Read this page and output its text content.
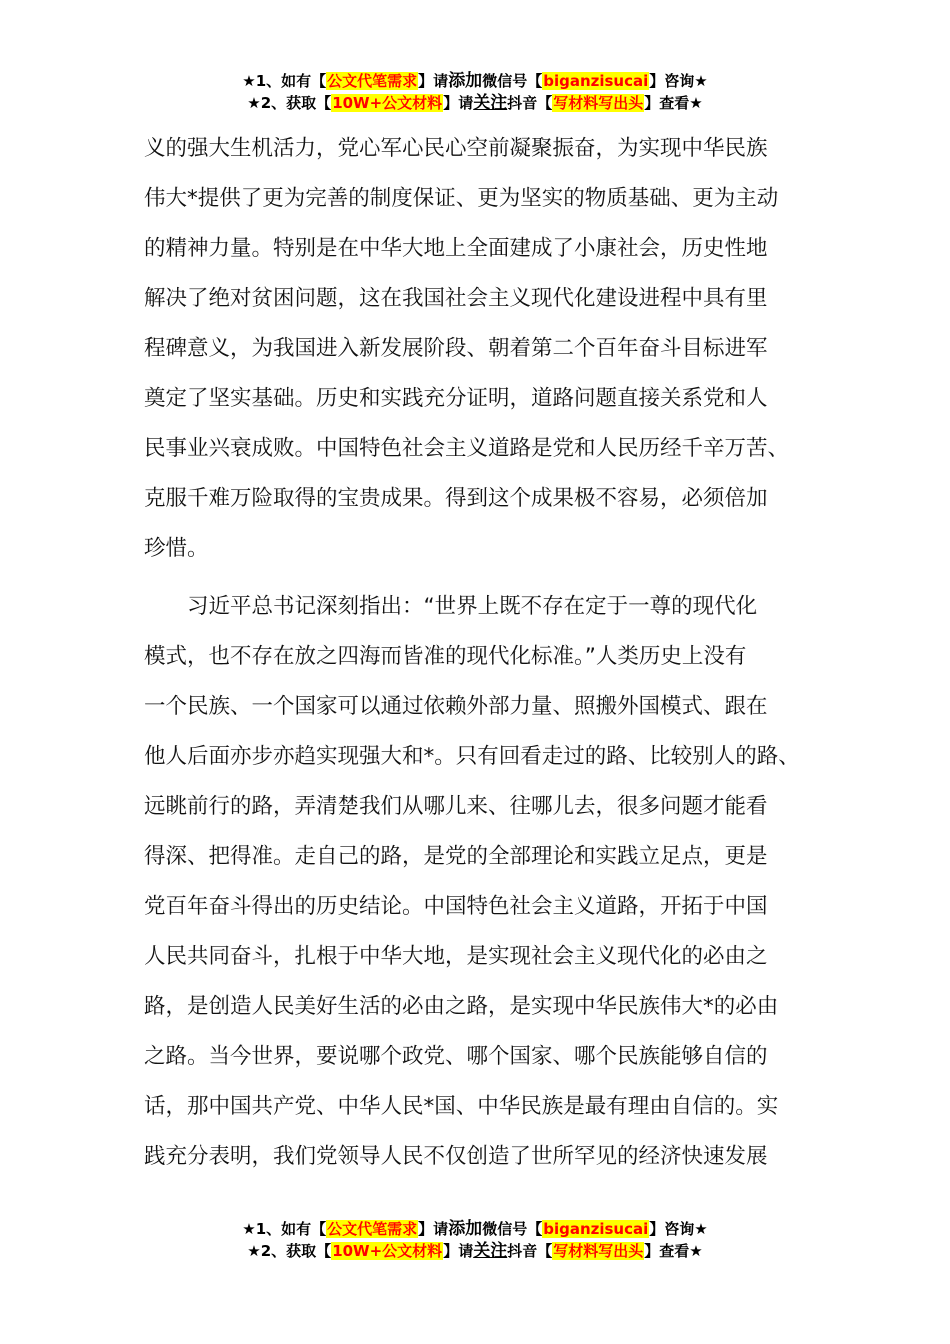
★1、如有【公文代笔需求】请添加微信号【biganzisucai】咨询★
★2、获取【10W+公文材料】请关注抖音【写材料写出头】查看★
义的强大生机活力，党心军心民心空前凝聚振奋，为实现中华民族
伟大*提供了更为完善的制度保证、更为坚实的物质基础、更为主动
的精神力量。特别是在中华大地上全面建成了小康社会，历史性地
解决了绝对贫困问题，这在我国社会主义现代化建设进程中具有里
程碑意义，为我国进入新发展阶段、朝着第二个百年奋斗目标进军
奠定了坚实基础。历史和实践充分证明，道路问题直接关系党和人
民事业兴衰成败。中国特色社会主义道路是党和人民历经千辛万苦、
克服千难万险取得的宝贵成果。得到这个成果极不容易，必须倍加
珍惜。
　　习近平总书记深刻指出：“世界上既不存在定于一尊的现代化
模式，也不存在放之四海而皆准的现代化标准。”人类历史上没有
一个民族、一个国家可以通过依赖外部力量、照搬外国模式、跟在
他人后面亦步亦趋实现强大和*。只有回看走过的路、比较别人的路、
远眺前行的路，弄清楚我们从哪儿来、往哪儿去，很多问题才能看
得深、把得准。走自己的路，是党的全部理论和实践立足点，更是
党百年奋斗得出的历史结论。中国特色社会主义道路，开拓于中国
人民共同奋斗，扎根于中华大地，是实现社会主义现代化的必由之
路，是创造人民美好生活的必由之路，是实现中华民族伟大*的必由
之路。当今世界，要说哪个政党、哪个国家、哪个民族能够自信的
话，那中国共产党、中华人民*国、中华民族是最有理由自信的。实
践充分表明，我们党领导人民不仅创造了世所罕见的经济快速发展
★1、如有【公文代笔需求】请添加微信号【biganzisucai】咨询★
★2、获取【10W+公文材料】请关注抖音【写材料写出头】查看★
